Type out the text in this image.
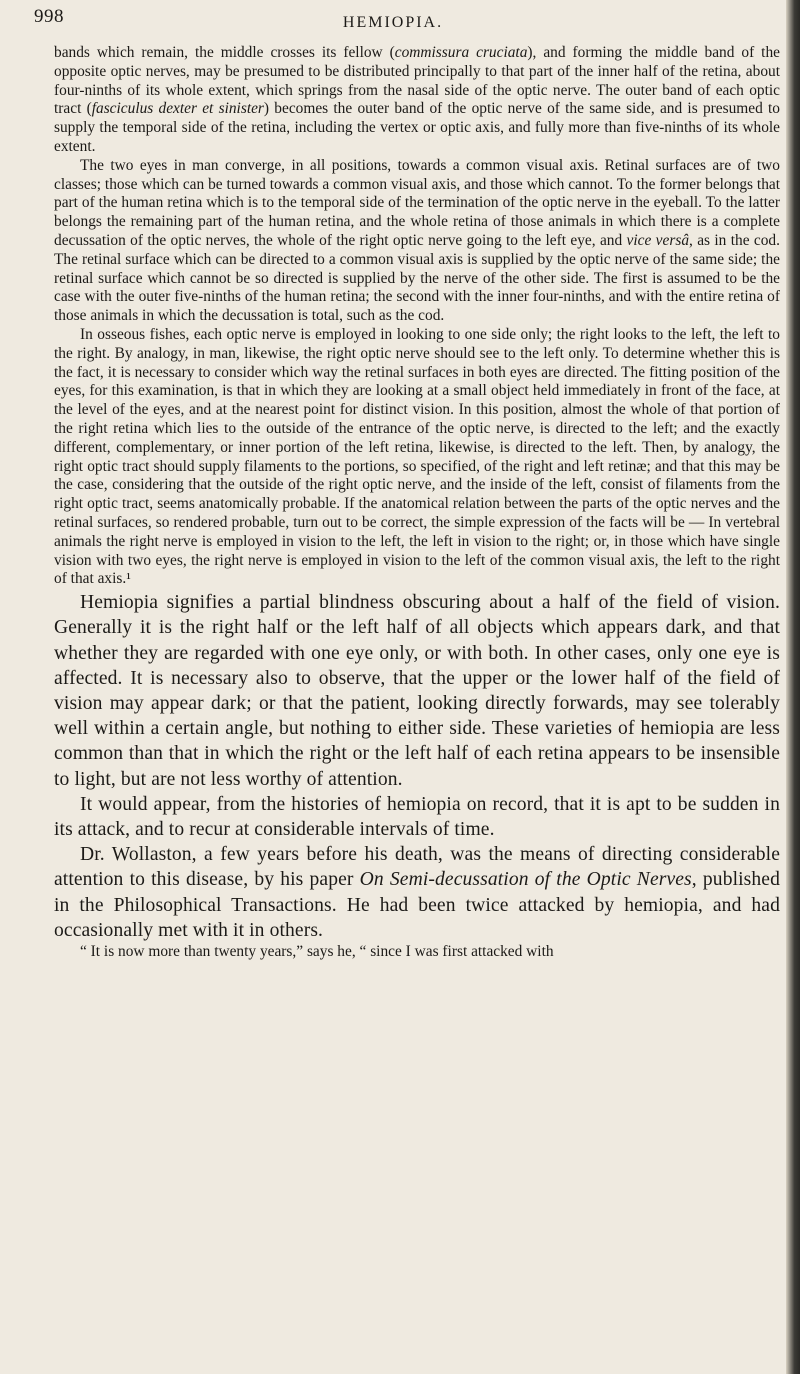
998	HEMIOPIA.

bands which remain, the middle crosses its fellow (commissura cruciata), and forming the middle band of the opposite optic nerves, may be presumed to be distributed principally to that part of the inner half of the retina, about four-ninths of its whole extent, which springs from the nasal side of the optic nerve. The outer band of each optic tract (fasciculus dexter et sinister) becomes the outer band of the optic nerve of the same side, and is presumed to supply the temporal side of the retina, including the vertex or optic axis, and fully more than five-ninths of its whole extent.

The two eyes in man converge, in all positions, towards a common visual axis. Retinal surfaces are of two classes; those which can be turned towards a common visual axis, and those which cannot. To the former belongs that part of the human retina which is to the temporal side of the termination of the optic nerve in the eyeball. To the latter belongs the remaining part of the human retina, and the whole retina of those animals in which there is a complete decussation of the optic nerves, the whole of the right optic nerve going to the left eye, and vice versâ, as in the cod. The retinal surface which can be directed to a common visual axis is supplied by the optic nerve of the same side; the retinal surface which cannot be so directed is supplied by the nerve of the other side. The first is assumed to be the case with the outer five-ninths of the human retina; the second with the inner four-ninths, and with the entire retina of those animals in which the decussation is total, such as the cod.

In osseous fishes, each optic nerve is employed in looking to one side only; the right looks to the left, the left to the right. By analogy, in man, likewise, the right optic nerve should see to the left only. To determine whether this is the fact, it is necessary to consider which way the retinal surfaces in both eyes are directed. The fitting position of the eyes, for this examination, is that in which they are looking at a small object held immediately in front of the face, at the level of the eyes, and at the nearest point for distinct vision. In this position, almost the whole of that portion of the right retina which lies to the outside of the entrance of the optic nerve, is directed to the left; and the exactly different, complementary, or inner portion of the left retina, likewise, is directed to the left. Then, by analogy, the right optic tract should supply filaments to the portions, so specified, of the right and left retinæ; and that this may be the case, considering that the outside of the right optic nerve, and the inside of the left, consist of filaments from the right optic tract, seems anatomically probable. If the anatomical relation between the parts of the optic nerves and the retinal surfaces, so rendered probable, turn out to be correct, the simple expression of the facts will be — In vertebral animals the right nerve is employed in vision to the left, the left in vision to the right; or, in those which have single vision with two eyes, the right nerve is employed in vision to the left of the common visual axis, the left to the right of that axis.¹

Hemiopia signifies a partial blindness obscuring about a half of the field of vision. Generally it is the right half or the left half of all objects which appears dark, and that whether they are regarded with one eye only, or with both. In other cases, only one eye is affected. It is necessary also to observe, that the upper or the lower half of the field of vision may appear dark; or that the patient, looking directly forwards, may see tolerably well within a certain angle, but nothing to either side. These varieties of hemiopia are less common than that in which the right or the left half of each retina appears to be insensible to light, but are not less worthy of attention.

It would appear, from the histories of hemiopia on record, that it is apt to be sudden in its attack, and to recur at considerable intervals of time.

Dr. Wollaston, a few years before his death, was the means of directing considerable attention to this disease, by his paper On Semi-decussation of the Optic Nerves, published in the Philosophical Transactions. He had been twice attacked by hemiopia, and had occasionally met with it in others.

“ It is now more than twenty years,” says he, “ since I was first attacked with
